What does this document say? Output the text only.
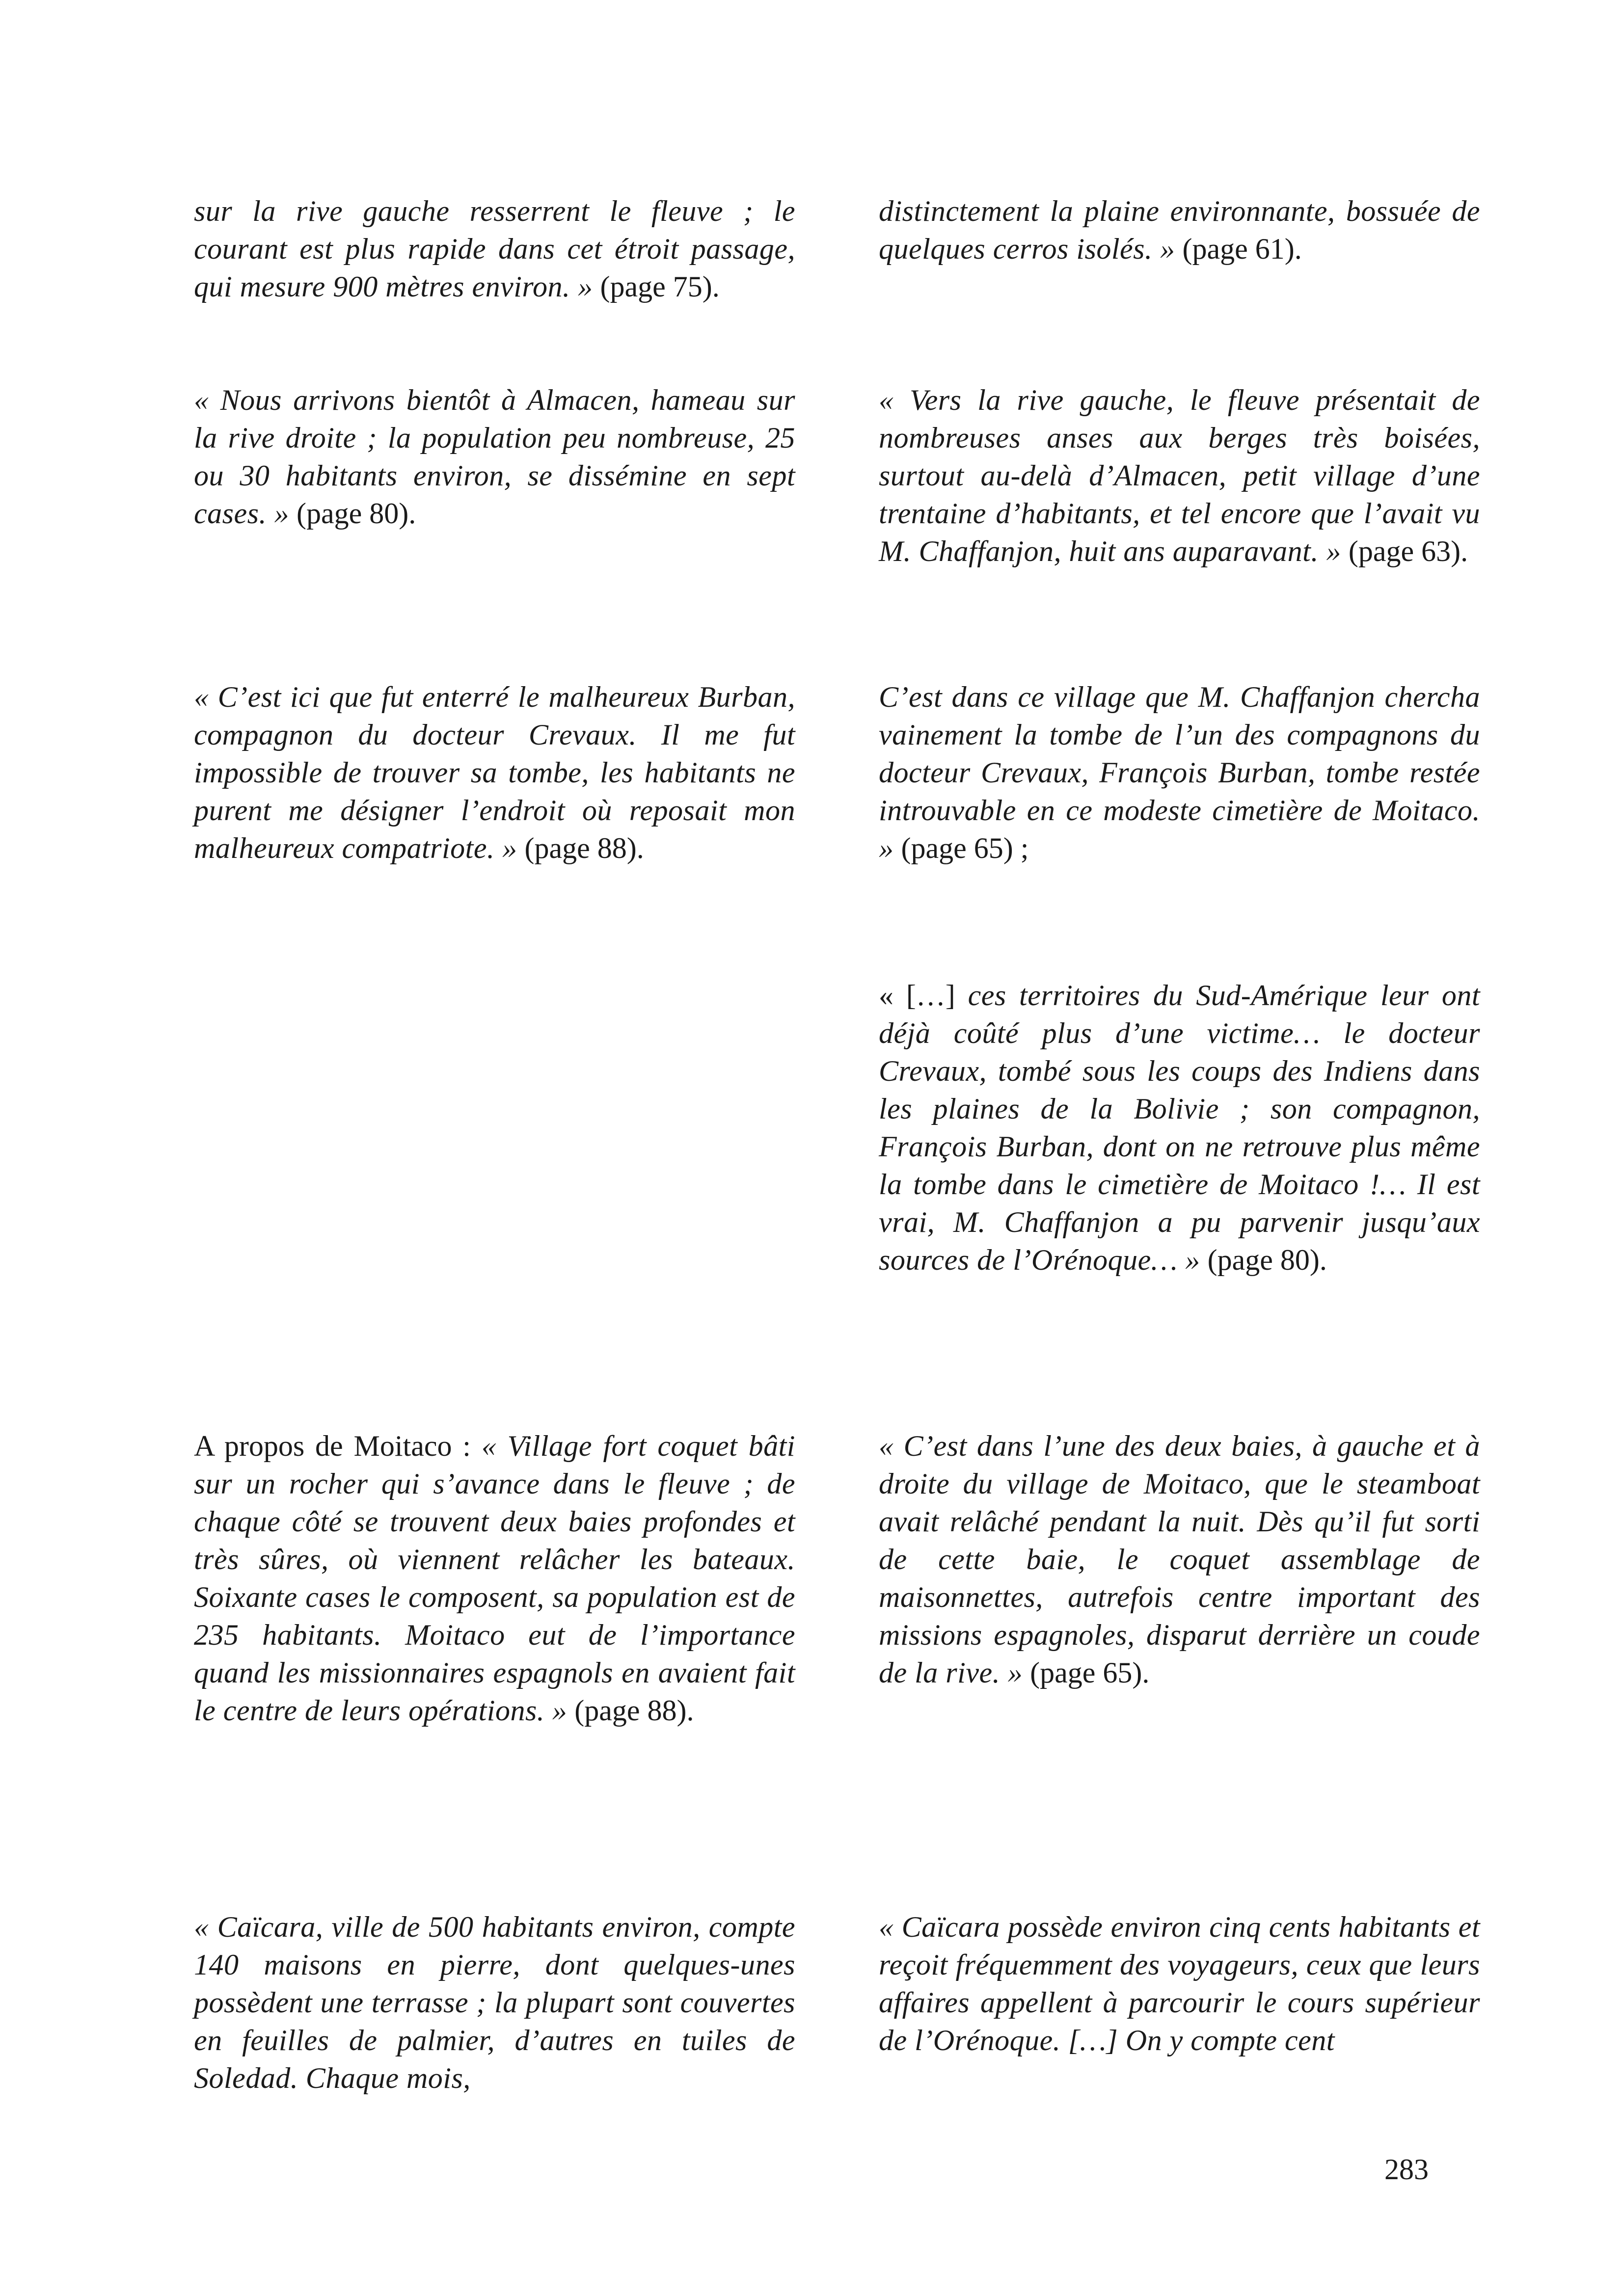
sur la rive gauche resserrent le fleuve ; le courant est plus rapide dans cet étroit passage, qui mesure 900 mètres environ. » (page 75).

distinctement la plaine environnante, bossuée de quelques cerros isolés. » (page 61).

« Nous arrivons bientôt à Almacen, hameau sur la rive droite ; la population peu nombreuse, 25 ou 30 habitants environ, se dissémine en sept cases. » (page 80).

« Vers la rive gauche, le fleuve présentait de nombreuses anses aux berges très boisées, surtout au-delà d’Almacen, petit village d’une trentaine d’habitants, et tel encore que l’avait vu M. Chaffanjon, huit ans auparavant. » (page 63).

« C’est ici que fut enterré le malheureux Burban, compagnon du docteur Crevaux. Il me fut impossible de trouver sa tombe, les habitants ne purent me désigner l’endroit où reposait mon malheureux compatriote. » (page 88).

C’est dans ce village que M. Chaffanjon chercha vainement la tombe de l’un des compagnons du docteur Crevaux, François Burban, tombe restée introuvable en ce modeste cimetière de Moitaco. » (page 65) ;

« […] ces territoires du Sud-Amérique leur ont déjà coûté plus d’une victime… le docteur Crevaux, tombé sous les coups des Indiens dans les plaines de la Bolivie ; son compagnon, François Burban, dont on ne retrouve plus même la tombe dans le cimetière de Moitaco !… Il est vrai, M. Chaffanjon a pu parvenir jusqu’aux sources de l’Orénoque… » (page 80).

A propos de Moitaco : « Village fort coquet bâti sur un rocher qui s’avance dans le fleuve ; de chaque côté se trouvent deux baies profondes et très sûres, où viennent relâcher les bateaux. Soixante cases le composent, sa population est de 235 habitants. Moitaco eut de l’importance quand les missionnaires espagnols en avaient fait le centre de leurs opérations. » (page 88).

« C’est dans l’une des deux baies, à gauche et à droite du village de Moitaco, que le steamboat avait relâché pendant la nuit. Dès qu’il fut sorti de cette baie, le coquet assemblage de maisonnettes, autrefois centre important des missions espagnoles, disparut derrière un coude de la rive. » (page 65).

« Caïcara, ville de 500 habitants environ, compte 140 maisons en pierre, dont quelques-unes possèdent une terrasse ; la plupart sont couvertes en feuilles de palmier, d’autres en tuiles de Soledad. Chaque mois,

« Caïcara possède environ cinq cents habitants et reçoit fréquemment des voyageurs, ceux que leurs affaires appellent à parcourir le cours supérieur de l’Orénoque. […] On y compte cent

283
